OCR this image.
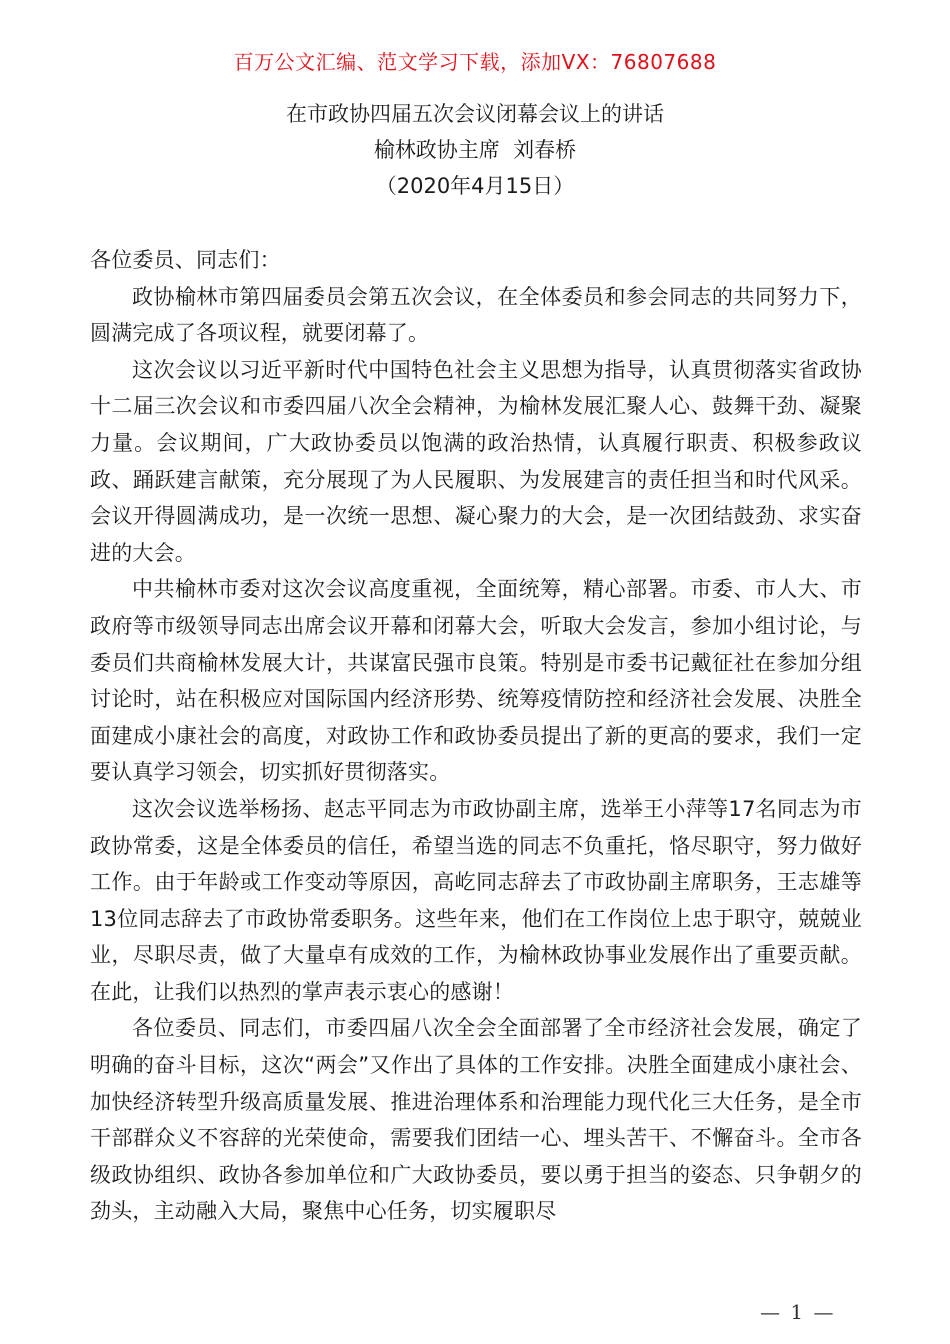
百万公文汇编、范文学习下载，添加VX：76807688
在市政协四届五次会议闭幕会议上的讲话
榆林政协主席  刘春桥
（2020年4月15日）

各位委员、同志们：

政协榆林市第四届委员会第五次会议，在全体委员和参会同志的共同努力下，圆满完成了各项议程，就要闭幕了。

这次会议以习近平新时代中国特色社会主义思想为指导，认真贯彻落实省政协十二届三次会议和市委四届八次全会精神，为榆林发展汇聚人心、鼓舞干劲、凝聚力量。会议期间，广大政协委员以饱满的政治热情，认真履行职责、积极参政议政、踊跃建言献策，充分展现了为人民履职、为发展建言的责任担当和时代风采。会议开得圆满成功，是一次统一思想、凝心聚力的大会，是一次团结鼓劲、求实奋进的大会。

中共榆林市委对这次会议高度重视，全面统筹，精心部署。市委、市人大、市政府等市级领导同志出席会议开幕和闭幕大会，听取大会发言，参加小组讨论，与委员们共商榆林发展大计，共谋富民强市良策。特别是市委书记戴征社在参加分组讨论时，站在积极应对国际国内经济形势、统筹疫情防控和经济社会发展、决胜全面建成小康社会的高度，对政协工作和政协委员提出了新的更高的要求，我们一定要认真学习领会，切实抓好贯彻落实。

这次会议选举杨扬、赵志平同志为市政协副主席，选举王小萍等17名同志为市政协常委，这是全体委员的信任，希望当选的同志不负重托，恪尽职守，努力做好工作。由于年龄或工作变动等原因，高屹同志辞去了市政协副主席职务，王志雄等13位同志辞去了市政协常委职务。这些年来，他们在工作岗位上忠于职守，兢兢业业，尽职尽责，做了大量卓有成效的工作，为榆林政协事业发展作出了重要贡献。在此，让我们以热烈的掌声表示衷心的感谢！

各位委员、同志们，市委四届八次全会全面部署了全市经济社会发展，确定了明确的奋斗目标，这次“两会”又作出了具体的工作安排。决胜全面建成小康社会、加快经济转型升级高质量发展、推进治理体系和治理能力现代化三大任务，是全市干部群众义不容辞的光荣使命，需要我们团结一心、埋头苦干、不懈奋斗。全市各级政协组织、政协各参加单位和广大政协委员，要以勇于担当的姿态、只争朝夕的劲头，主动融入大局，聚焦中心任务，切实履职尽

— 1 —
